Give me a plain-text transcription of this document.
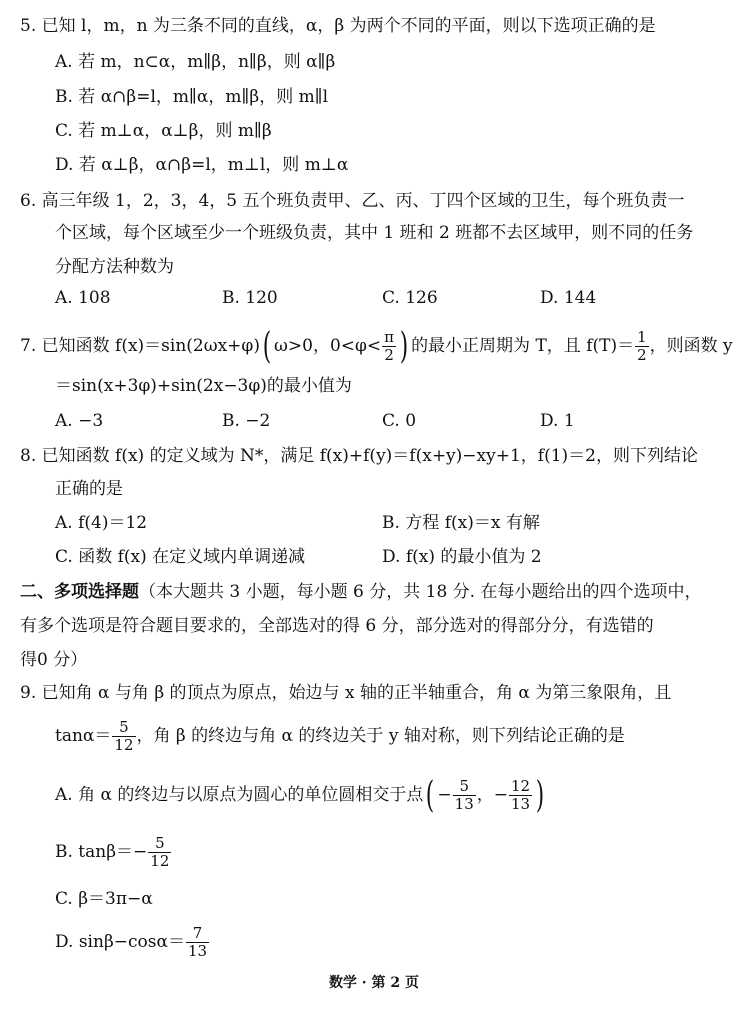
5. 已知 l，m，n 为三条不同的直线，α，β 为两个不同的平面，则以下选项正确的是
A. 若 m，n⊂α，m∥β，n∥β，则 α∥β
B. 若 α∩β=l，m∥α，m∥β，则 m∥l
C. 若 m⊥α，α⊥β，则 m∥β
D. 若 α⊥β，α∩β=l，m⊥l，则 m⊥α
6. 高三年级 1，2，3，4，5 五个班负责甲、乙、丙、丁四个区域的卫生，每个班负责一
个区域，每个区域至少一个班级负责，其中 1 班和 2 班都不去区域甲，则不同的任务
分配方法种数为
A. 108	B. 120	C. 126	D. 144
7. 已知函数 f(x)＝sin(2ωx+φ)( ω>0，$0<\varphi< \frac{\pi}{2}$ ) 的最小正周期为 T，且 $f(T)= \frac{1}{2}$ ，则函数 y
＝sin(x+3φ)+sin(2x−3φ)的最小值为
A. −3	B. −2	C. 0	D. 1
8. 已知函数 f(x) 的定义域为 N*，满足 f(x)+f(y)＝f(x+y)−xy+1，f(1)＝2，则下列结论
正确的是
A. f(4)＝12	B. 方程 f(x)＝x 有解
C. 函数 f(x) 在定义域内单调递减	D. f(x) 的最小值为 2
二、多项选择题（本大题共 3 小题，每小题 6 分，共 18 分. 在每小题给出的四个选项中，
有多个选项是符合题目要求的，全部选对的得 6 分，部分选对的得部分分，有选错的
得0 分）
9. 已知角 α 与角 β 的顶点为原点，始边与 x 轴的正半轴重合，角 α 为第三象限角，且
$\tan\alpha= \frac{5}{12}$ ，角 β 的终边与角 α 的终边关于 y 轴对称，则下列结论正确的是
A. 角 α 的终边与以原点为圆心的单位圆相交于点( − $\frac{5}{13}$ ，− $\frac{12}{13}$ )
B. $\tan\beta=- \frac{5}{12}$
C. β＝3π−α
D. $\sin\beta-\cos\alpha= \frac{7}{13}$
数学 · 第 2 页
